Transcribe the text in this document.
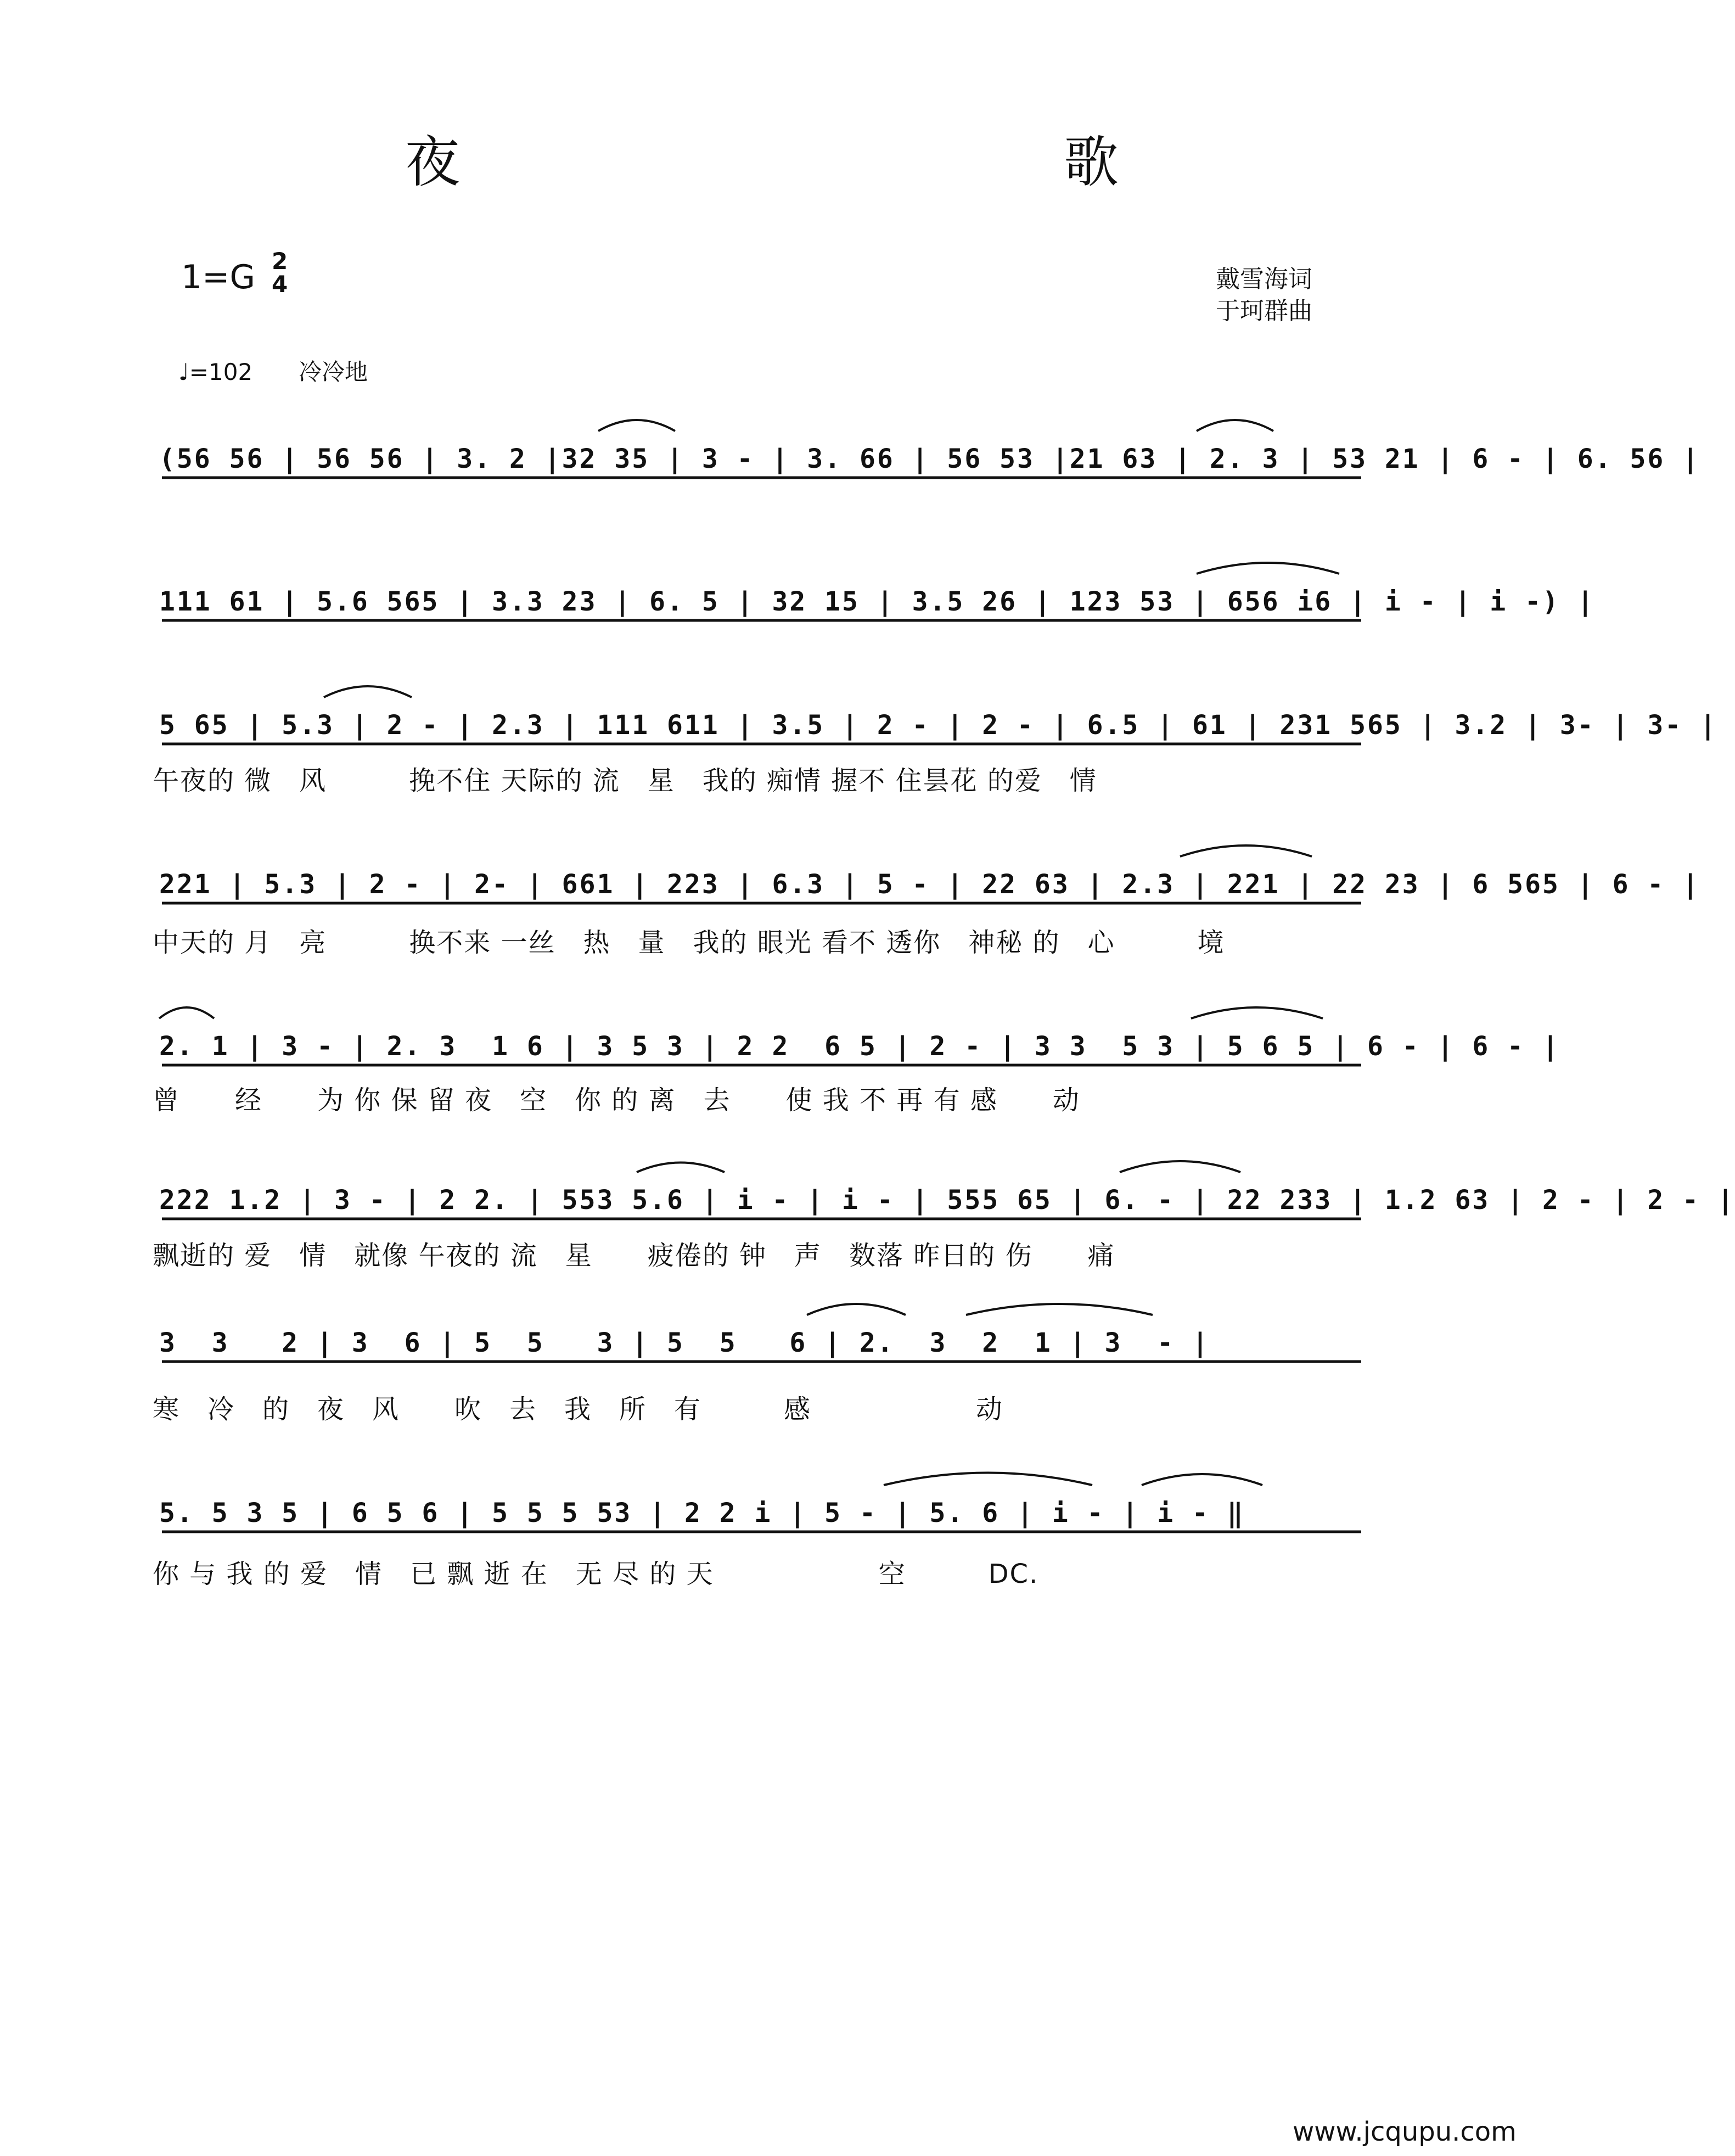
夜　歌
1=G 2
4
♩=102　　冷冷地
戴雪海词
于珂群曲
(56 56 | 56 56 | 3. 2 |32 35 | 3 - | 3. 66 | 56 53 |21 63 | 2. 3 | 53 21 | 6 - | 6. 56 |
111 61 | 5.6 565 | 3.3 23 | 6. 5 | 32 15 | 3.5 26 | 123 53 | 656 i6 | i - | i -) |
5 65 | 5.3 | 2 - | 2.3 | 111 611 | 3.5 | 2 - | 2 - | 6.5 | 61 | 231 565 | 3.2 | 3- | 3- |
午夜的 微　风　　　挽不住 天际的 流　星　我的 痴情 握不 住昙花 的爱　情
221 | 5.3 | 2 - | 2- | 661 | 223 | 6.3 | 5 - | 22 63 | 2.3 | 221 | 22 23 | 6 565 | 6 - |
中天的 月　亮　　　换不来 一丝　热　量　我的 眼光 看不 透你　神秘 的　心　　　境
2. 1 | 3 - | 2. 3  1 6 | 3 5 3 | 2 2  6 5 | 2 - | 3 3  5 3 | 5 6 5 | 6 - | 6 - |
曾　　经　　为 你 保 留 夜　空　你 的 离　去　　使 我 不 再 有 感　　动
222 1.2 | 3 - | 2 2. | 553 5.6 | i - | i - | 555 65 | 6. - | 22 233 | 1.2 63 | 2 - | 2 - |
飘逝的 爱　情　就像 午夜的 流　星　　疲倦的 钟　声　数落 昨日的 伤　　痛
3  3   2 | 3  6 | 5  5   3 | 5  5   6 | 2.  3  2  1 | 3  - |
寒　冷　的　夜　风　　吹　去　我　所　有　　　感　　　　　　动
5. 5 3 5 | 6 5 6 | 5 5 5 53 | 2 2 i | 5 - | 5. 6 | i - | i - ‖
你 与 我 的 爱　情　已 飘 逝 在　无 尽 的 天　　　　　　空　　　DC.
www.jcqupu.com
